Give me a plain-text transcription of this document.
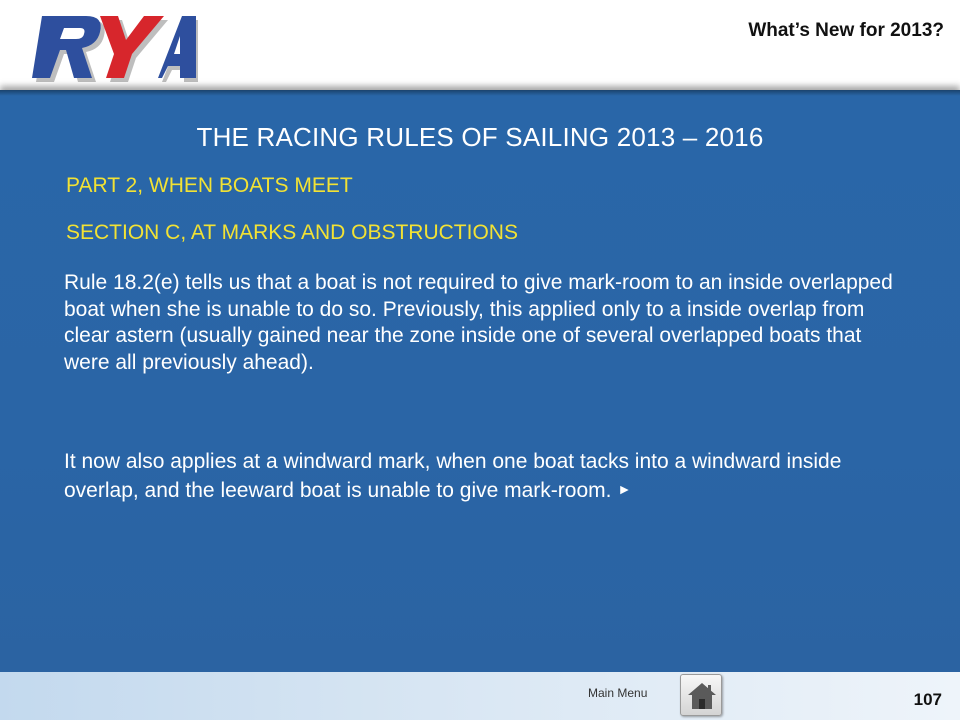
What’s New for 2013?
THE RACING RULES OF SAILING 2013 – 2016
PART 2, WHEN BOATS MEET
SECTION C, AT MARKS AND OBSTRUCTIONS
Rule 18.2(e) tells us that a boat is not required to give mark-room to an inside overlapped boat when she is unable to do so. Previously, this applied only to a inside overlap from clear astern (usually gained near the zone inside one of several overlapped boats that were all previously ahead).
It now also applies at a windward mark, when one boat tacks into a windward inside overlap, and the leeward boat is unable to give mark-room. ►
Main Menu	107
